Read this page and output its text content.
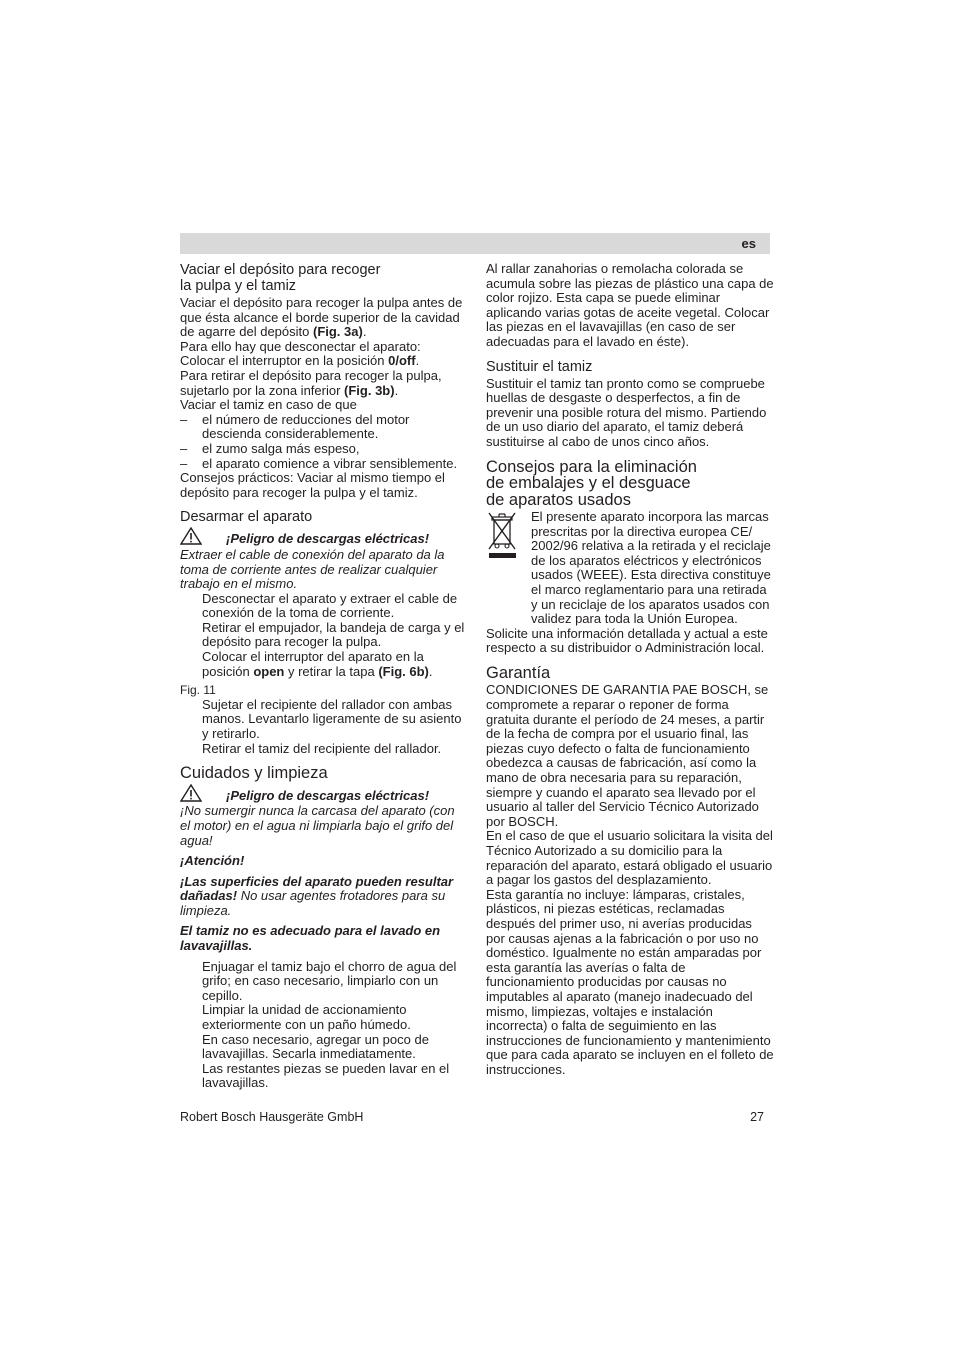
es

Vaciar el depósito para recoger
la pulpa y el tamiz

Vaciar el depósito para recoger la pulpa antes de que ésta alcance el borde superior de la cavidad de agarre del depósito (Fig. 3a).

Para ello hay que desconectar el aparato:

Colocar el interruptor en la posición 0/off.

Para retirar el depósito para recoger la pulpa, sujetarlo por la zona inferior (Fig. 3b).

Vaciar el tamiz en caso de que

–	el número de reducciones del motor descienda considerablemente.
–	el zumo salga más espeso,
–	el aparato comience a vibrar sensiblemente.

Consejos prácticos: Vaciar al mismo tiempo el depósito para recoger la pulpa y el tamiz.

Desarmar el aparato

¡Peligro de descargas eléctricas!

Extraer el cable de conexión del aparato da la toma de corriente antes de realizar cualquier trabajo en el mismo.

Desconectar el aparato y extraer el cable de conexión de la toma de corriente.

Retirar el empujador, la bandeja de carga y el depósito para recoger la pulpa.

Colocar el interruptor del aparato en la posición open y retirar la tapa (Fig. 6b).

Fig. 11

Sujetar el recipiente del rallador con ambas manos. Levantarlo ligeramente de su asiento y retirarlo.

Retirar el tamiz del recipiente del rallador.

Cuidados y limpieza

¡Peligro de descargas eléctricas!

¡No sumergir nunca la carcasa del aparato (con el motor) en el agua ni limpiarla bajo el grifo del agua!

¡Atención!

¡Las superficies del aparato pueden resultar dañadas! No usar agentes frotadores para su limpieza.

El tamiz no es adecuado para el lavado en lavavajillas.

Enjuagar el tamiz bajo el chorro de agua del grifo; en caso necesario, limpiarlo con un cepillo.

Limpiar la unidad de accionamiento exteriormente con un paño húmedo.

En caso necesario, agregar un poco de lavavajillas. Secarla inmediatamente.

Las restantes piezas se pueden lavar en el lavavajillas.

Al rallar zanahorias o remolacha colorada se acumula sobre las piezas de plástico una capa de color rojizo. Esta capa se puede eliminar aplicando varias gotas de aceite vegetal. Colocar las piezas en el lavavajillas (en caso de ser adecuadas para el lavado en éste).

Sustituir el tamiz

Sustituir el tamiz tan pronto como se compruebe huellas de desgaste o desperfectos, a fin de prevenir una posible rotura del mismo. Partiendo de un uso diario del aparato, el tamiz deberá sustituirse al cabo de unos cinco años.

Consejos para la eliminación
de embalajes y el desguace
de aparatos usados

El presente aparato incorpora las marcas prescritas por la directiva europea CE/ 2002/96 relativa a la retirada y el reciclaje de los aparatos eléctricos y electrónicos usados (WEEE). Esta directiva constituye el marco reglamentario para una retirada y un reciclaje de los aparatos usados con validez para toda la Unión Europea.

Solicite una información detallada y actual a este respecto a su distribuidor o Administración local.

Garantía

CONDICIONES DE GARANTIA PAE BOSCH, se compromete a reparar o reponer de forma gratuita durante el período de 24 meses, a partir de la fecha de compra por el usuario final, las piezas cuyo defecto o falta de funcionamiento obedezca a causas de fabricación, así como la mano de obra necesaria para su reparación, siempre y cuando el aparato sea llevado por el usuario al taller del Servicio Técnico Autorizado por BOSCH.

En el caso de que el usuario solicitara la visita del Técnico Autorizado a su domicilio para la reparación del aparato, estará obligado el usuario a pagar los gastos del desplazamiento.

Esta garantía no incluye: lámparas, cristales, plásticos, ni piezas estéticas, reclamadas después del primer uso, ni averías producidas por causas ajenas a la fabricación o por uso no doméstico. Igualmente no están amparadas por esta garantía las averías o falta de funcionamiento producidas por causas no imputables al aparato (manejo inadecuado del mismo, limpiezas, voltajes e instalación incorrecta) o falta de seguimiento en las instrucciones de funcionamiento y mantenimiento que para cada aparato se incluyen en el folleto de instrucciones.

Robert Bosch Hausgeräte GmbH	27
